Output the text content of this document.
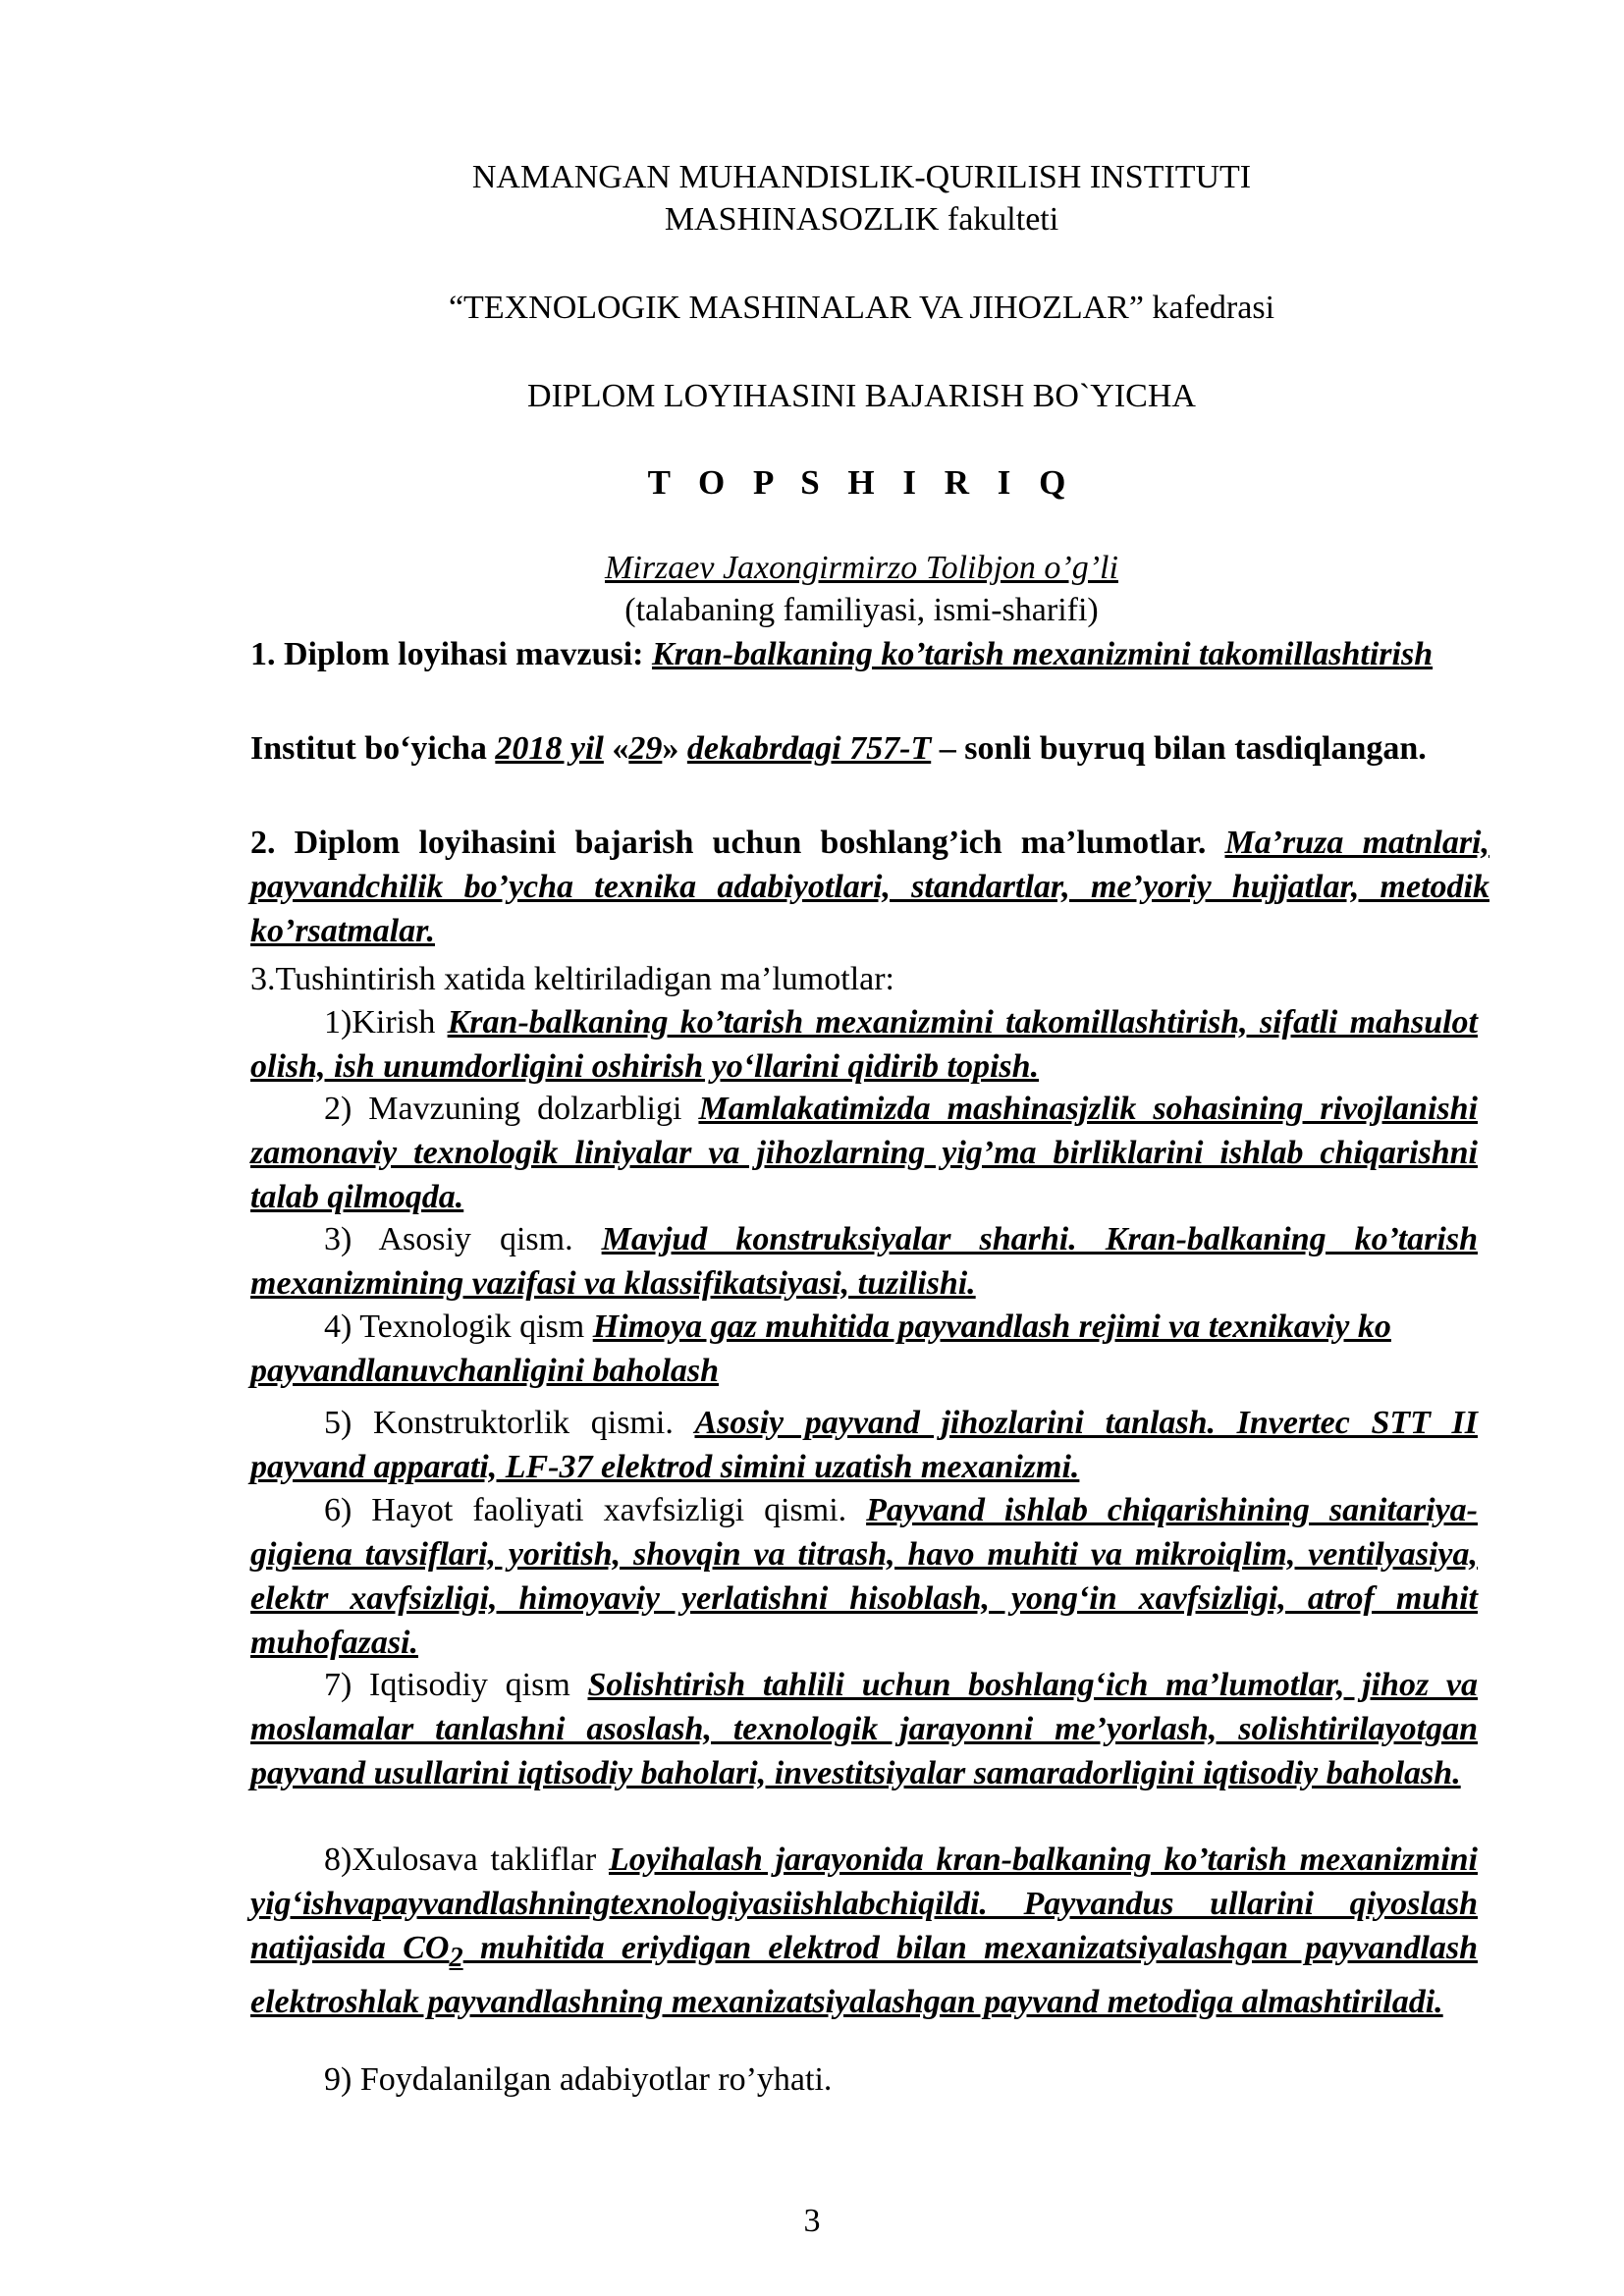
NAMANGAN MUHANDISLIK-QURILISH INSTITUTI
MASHINASOZLIK fakulteti
“TEXNOLOGIK MASHINALAR VA JIHOZLAR” kafedrasi
DIPLOM LOYIHASINI BAJARISH BO`YICHA
T O P S H I R I Q
Mirzaev Jaxongirmirzo Tolibjon o’g’li
(talabaning familiyasi, ismi-sharifi)
1. Diplom loyihasi mavzusi: Kran-balkaning ko’tarish mexanizmini takomillashtirish
Institut bo‘yicha 2018 yil «29» dekabrdagi 757-T – sonli buyruq bilan tasdiqlangan.
2. Diplom loyihasini bajarish uchun boshlang’ich ma’lumotlar. Ma’ruza matnlari, payvandchilik bo’ycha texnika adabiyotlari, standartlar, me’yoriy hujjatlar, metodik ko’rsatmalar.
3.Tushintirish xatida keltiriladigan ma’lumotlar:
1)Kirish Kran-balkaning ko’tarish mexanizmini takomillashtirish, sifatli mahsulot olish, ish unumdorligini oshirish yo‘llarini qidirib topish.
2) Mavzuning dolzarbligi Mamlakatimizda mashinasjzlik sohasining rivojlanishi zamonaviy texnologik liniyalar va jihozlarning yig’ma birliklarini ishlab chiqarishni talab qilmoqda.
3) Asosiy qism. Mavjud konstruksiyalar sharhi. Kran-balkaning ko’tarish mexanizmining vazifasi va klassifikatsiyasi, tuzilishi.
4) Texnologik qism Himoya gaz muhitida payvandlash rejimi va texnikaviy ko payvandlanuvchanligini baholash
5) Konstruktorlik qismi. Asosiy payvand jihozlarini tanlash. Invertec STT II payvand apparati, LF-37 elektrod simini uzatish mexanizmi.
6) Hayot faoliyati xavfsizligi qismi. Payvand ishlab chiqarishining sanitariya-gigiena tavsiflari, yoritish, shovqin va titrash, havo muhiti va mikroiqlim, ventilyasiya, elektr xavfsizligi, himoyaviy yerlatishni hisoblash, yong‘in xavfsizligi, atrof muhit muhofazasi.
7) Iqtisodiy qism Solishtirish tahlili uchun boshlang‘ich ma’lumotlar, jihoz va moslamalar tanlashni asoslash, texnologik jarayonni me’yorlash, solishtirilayotgan payvand usullarini iqtisodiy baholari, investitsiyalar samaradorligini iqtisodiy baholash.
8)Xulosava takliflar Loyihalash jarayonida kran-balkaning ko’tarish mexanizmini yig‘ishvapayvandlashningtexnologiyasiishlabchiqildi. Payvandus ullarini qiyoslash natijasida $CO_2$ muhitida eriydigan elektrod bilan mexanizatsiyalashgan payvandlash elektroshlak payvandlashning mexanizatsiyalashgan payvand metodiga almashtiriladi.
9) Foydalanilgan adabiyotlar ro’yhati.
3
